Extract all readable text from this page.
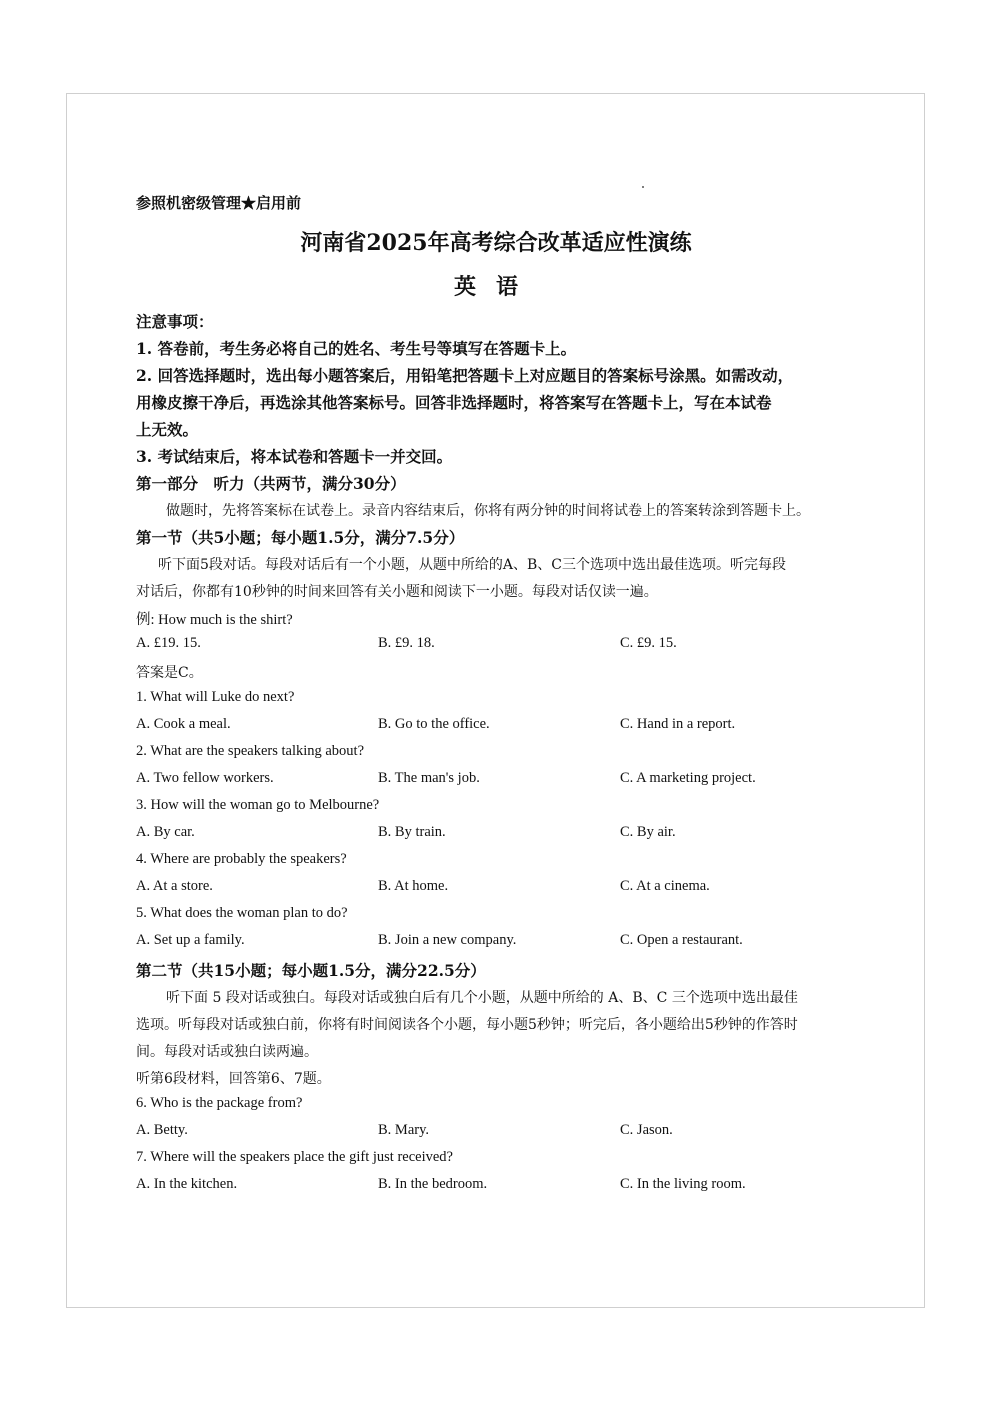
参照机密级管理★启用前
河南省2025年高考综合改革适应性演练
英语
注意事项：
1. 答卷前，考生务必将自己的姓名、考生号等填写在答题卡上。
2. 回答选择题时，选出每小题答案后，用铅笔把答题卡上对应题目的答案标号涂黑。如需改动，
用橡皮擦干净后，再选涂其他答案标号。回答非选择题时，将答案写在答题卡上，写在本试卷
上无效。
3. 考试结束后，将本试卷和答题卡一并交回。
第一部分　听力（共两节，满分30分）
做题时，先将答案标在试卷上。录音内容结束后，你将有两分钟的时间将试卷上的答案转涂到答题卡上。
第一节（共5小题；每小题1.5分，满分7.5分）
听下面5段对话。每段对话后有一个小题，从题中所给的A、B、C三个选项中选出最佳选项。听完每段
对话后，你都有10秒钟的时间来回答有关小题和阅读下一小题。每段对话仅读一遍。
例: How much is the shirt?
A. £19. 15.	B. £9. 18.	C. £9. 15.
答案是C。
1. What will Luke do next?
A. Cook a meal.	B. Go to the office.	C. Hand in a report.
2. What are the speakers talking about?
A. Two fellow workers.	B. The man's job.	C. A marketing project.
3. How will the woman go to Melbourne?
A. By car.	B. By train.	C. By air.
4. Where are probably the speakers?
A. At a store.	B. At home.	C. At a cinema.
5. What does the woman plan to do?
A. Set up a family.	B. Join a new company.	C. Open a restaurant.
第二节（共15小题；每小题1.5分，满分22.5分）
听下面 5 段对话或独白。每段对话或独白后有几个小题，从题中所给的 A、B、C 三个选项中选出最佳
选项。听每段对话或独白前，你将有时间阅读各个小题，每小题5秒钟；听完后，各小题给出5秒钟的作答时
间。每段对话或独白读两遍。
听第6段材料，回答第6、7题。
6. Who is the package from?
A. Betty.	B. Mary.	C. Jason.
7. Where will the speakers place the gift just received?
A. In the kitchen.	B. In the bedroom.	C. In the living room.
